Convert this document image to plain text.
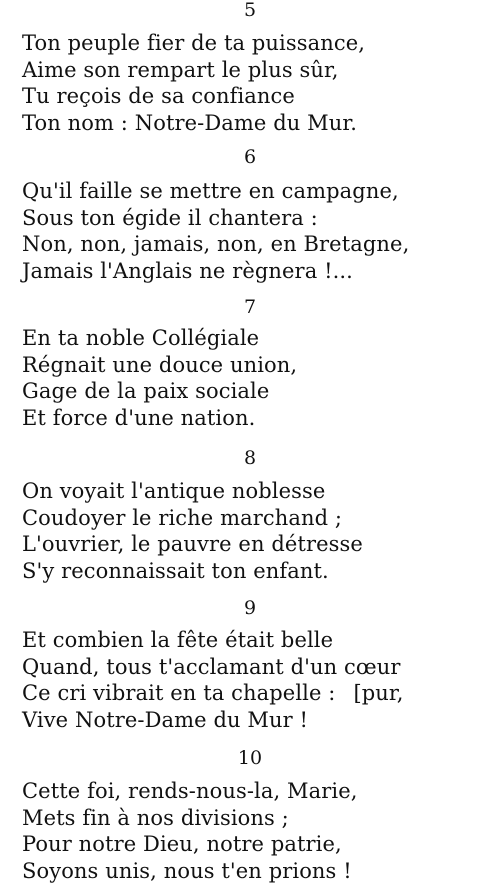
5
Ton peuple fier de ta puissance,
Aime son rempart le plus sûr,
Tu reçois de sa confiance
Ton nom : Notre-Dame du Mur.
6
Qu'il faille se mettre en campagne,
Sous ton égide il chantera :
Non, non, jamais, non, en Bretagne,
Jamais l'Anglais ne règnera !...
7
En ta noble Collégiale
Régnait une douce union,
Gage de la paix sociale
Et force d'une nation.
8
On voyait l'antique noblesse
Coudoyer le riche marchand ;
L'ouvrier, le pauvre en détresse
S'y reconnaissait ton enfant.
9
Et combien la fête était belle
Quand, tous t'acclamant d'un cœur
Ce cri vibrait en ta chapelle : [pur,
Vive Notre-Dame du Mur !
10
Cette foi, rends-nous-la, Marie,
Mets fin à nos divisions ;
Pour notre Dieu, notre patrie,
Soyons unis, nous t'en prions !
